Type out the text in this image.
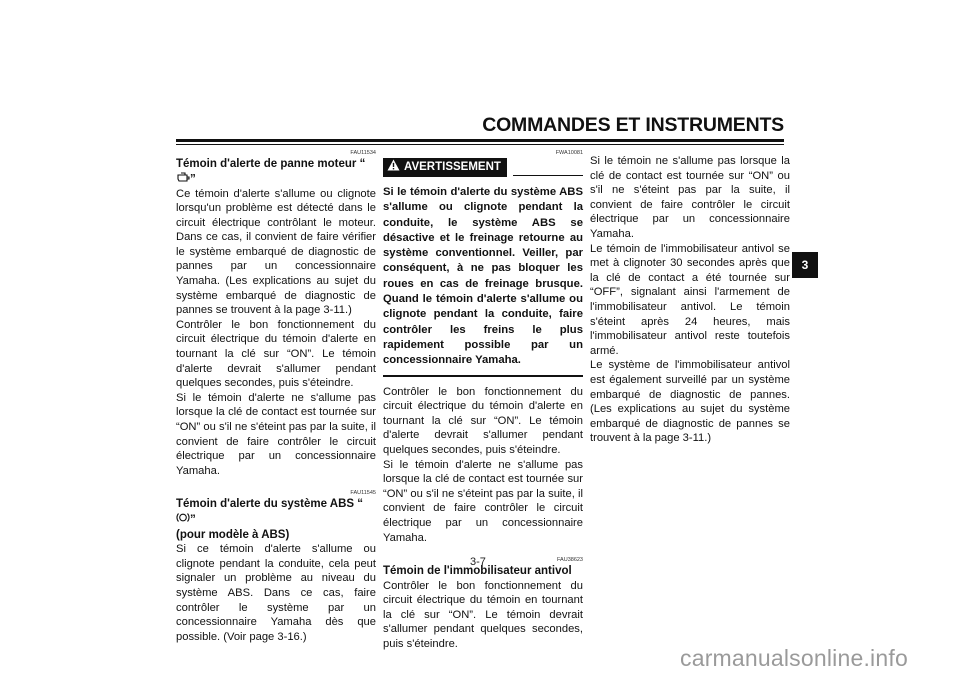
COMMANDES ET INSTRUMENTS
FAU11534
Témoin d'alerte de panne moteur “”

Ce témoin d'alerte s'allume ou clignote lorsqu'un problème est détecté dans le circuit électrique contrôlant le moteur. Dans ce cas, il convient de faire vérifier le système embarqué de diagnostic de pannes par un concessionnaire Yamaha. (Les explications au sujet du système embarqué de diagnostic de pannes se trouvent à la page 3-11.)

Contrôler le bon fonctionnement du circuit électrique du témoin d'alerte en tournant la clé sur “ON”. Le témoin d'alerte devrait s'allumer pendant quelques secondes, puis s'éteindre.

Si le témoin d'alerte ne s'allume pas lorsque la clé de contact est tournée sur “ON” ou s'il ne s'éteint pas par la suite, il convient de faire contrôler le circuit électrique par un concessionnaire Yamaha.

FAU11545
Témoin d'alerte du système ABS “”
(pour modèle à ABS)

Si ce témoin d'alerte s'allume ou clignote pendant la conduite, cela peut signaler un problème au niveau du système ABS. Dans ce cas, faire contrôler le système par un concessionnaire Yamaha dès que possible. (Voir page 3-16.)

FWA10081
AVERTISSEMENT
Si le témoin d'alerte du système ABS s'allume ou clignote pendant la conduite, le système ABS se désactive et le freinage retourne au système conventionnel. Veiller, par conséquent, à ne pas bloquer les roues en cas de freinage brusque. Quand le témoin d'alerte s'allume ou clignote pendant la conduite, faire contrôler les freins le plus rapidement possible par un concessionnaire Yamaha.

Contrôler le bon fonctionnement du circuit électrique du témoin d'alerte en tournant la clé sur “ON”. Le témoin d'alerte devrait s'allumer pendant quelques secondes, puis s'éteindre.

Si le témoin d'alerte ne s'allume pas lorsque la clé de contact est tournée sur “ON” ou s'il ne s'éteint pas par la suite, il convient de faire contrôler le circuit électrique par un concessionnaire Yamaha.

FAU38623
Témoin de l'immobilisateur antivol

Contrôler le bon fonctionnement du circuit électrique du témoin en tournant la clé sur “ON”. Le témoin devrait s'allumer pendant quelques secondes, puis s'éteindre.

Si le témoin ne s'allume pas lorsque la clé de contact est tournée sur “ON” ou s'il ne s'éteint pas par la suite, il convient de faire contrôler le circuit électrique par un concessionnaire Yamaha.

Le témoin de l'immobilisateur antivol se met à clignoter 30 secondes après que la clé de contact a été tournée sur “OFF”, signalant ainsi l'armement de l'immobilisateur antivol. Le témoin s'éteint après 24 heures, mais l'immobilisateur antivol reste toutefois armé.

Le système de l'immobilisateur antivol est également surveillé par un système embarqué de diagnostic de pannes. (Les explications au sujet du système embarqué de diagnostic de pannes se trouvent à la page 3-11.)

3
3-7
carmanualsonline.info
